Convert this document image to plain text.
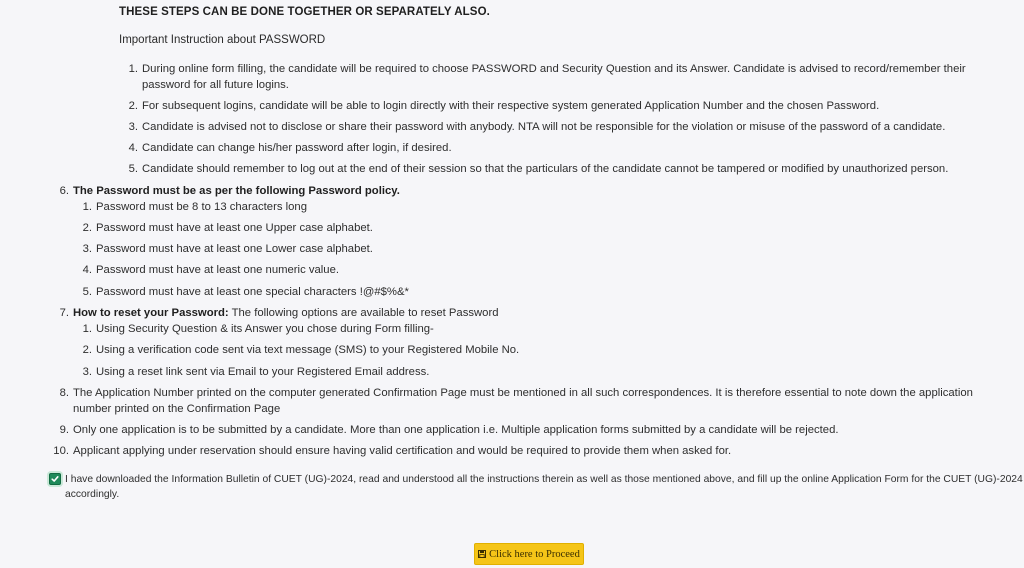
THESE STEPS CAN BE DONE TOGETHER OR SEPARATELY ALSO.
Important Instruction about PASSWORD
1. During online form filling, the candidate will be required to choose PASSWORD and Security Question and its Answer. Candidate is advised to record/remember their
password for all future logins.
2. For subsequent logins, candidate will be able to login directly with their respective system generated Application Number and the chosen Password.
3. Candidate is advised not to disclose or share their password with anybody. NTA will not be responsible for the violation or misuse of the password of a candidate.
4. Candidate can change his/her password after login, if desired.
5. Candidate should remember to log out at the end of their session so that the particulars of the candidate cannot be tampered or modified by unauthorized person.
6. The Password must be as per the following Password policy.
1. Password must be 8 to 13 characters long
2. Password must have at least one Upper case alphabet.
3. Password must have at least one Lower case alphabet.
4. Password must have at least one numeric value.
5. Password must have at least one special characters !@#$%&*
7. How to reset your Password: The following options are available to reset Password
1. Using Security Question & its Answer you chose during Form filling-
2. Using a verification code sent via text message (SMS) to your Registered Mobile No.
3. Using a reset link sent via Email to your Registered Email address.
8. The Application Number printed on the computer generated Confirmation Page must be mentioned in all such correspondences. It is therefore essential to note down the application
number printed on the Confirmation Page
9. Only one application is to be submitted by a candidate. More than one application i.e. Multiple application forms submitted by a candidate will be rejected.
10. Applicant applying under reservation should ensure having valid certification and would be required to provide them when asked for.
I have downloaded the Information Bulletin of CUET (UG)-2024, read and understood all the instructions therein as well as those mentioned above, and fill up the online Application Form for the CUET (UG)-2024
accordingly.
Click here to Proceed
